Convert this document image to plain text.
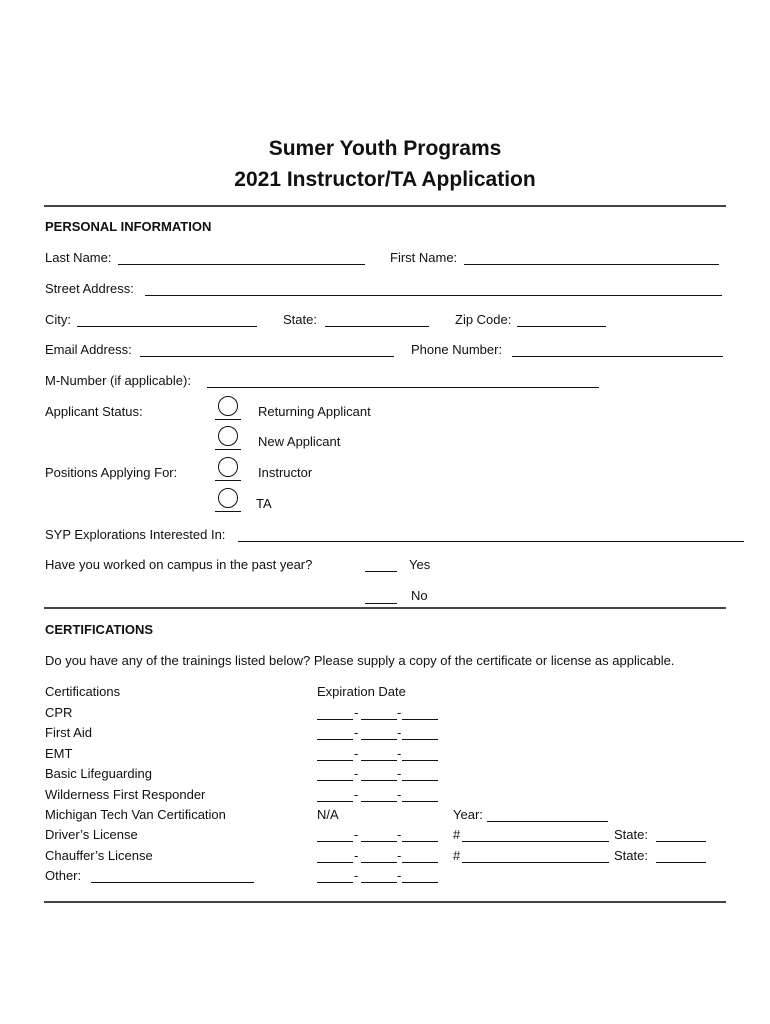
Sumer Youth Programs
2021 Instructor/TA Application
PERSONAL INFORMATION
Last Name:	First Name:
Street Address:
City:	State:	Zip Code:
Email Address:	Phone Number:
M-Number (if applicable):
Applicant Status:	Returning Applicant
New Applicant
Positions Applying For:	Instructor
TA
SYP Explorations Interested In:
Have you worked on campus in the past year?	Yes
No
CERTIFICATIONS
Do you have any of the trainings listed below? Please supply a copy of the certificate or license as applicable.
Certifications	Expiration Date
CPR	-	-
First Aid	-	-
EMT	-	-
Basic Lifeguarding	-	-
Wilderness First Responder	-	-
Michigan Tech Van Certification	N/A	Year:
Driver’s License	-	-	#	State:
Chauffer’s License	-	-	#	State:
Other:	-	-
